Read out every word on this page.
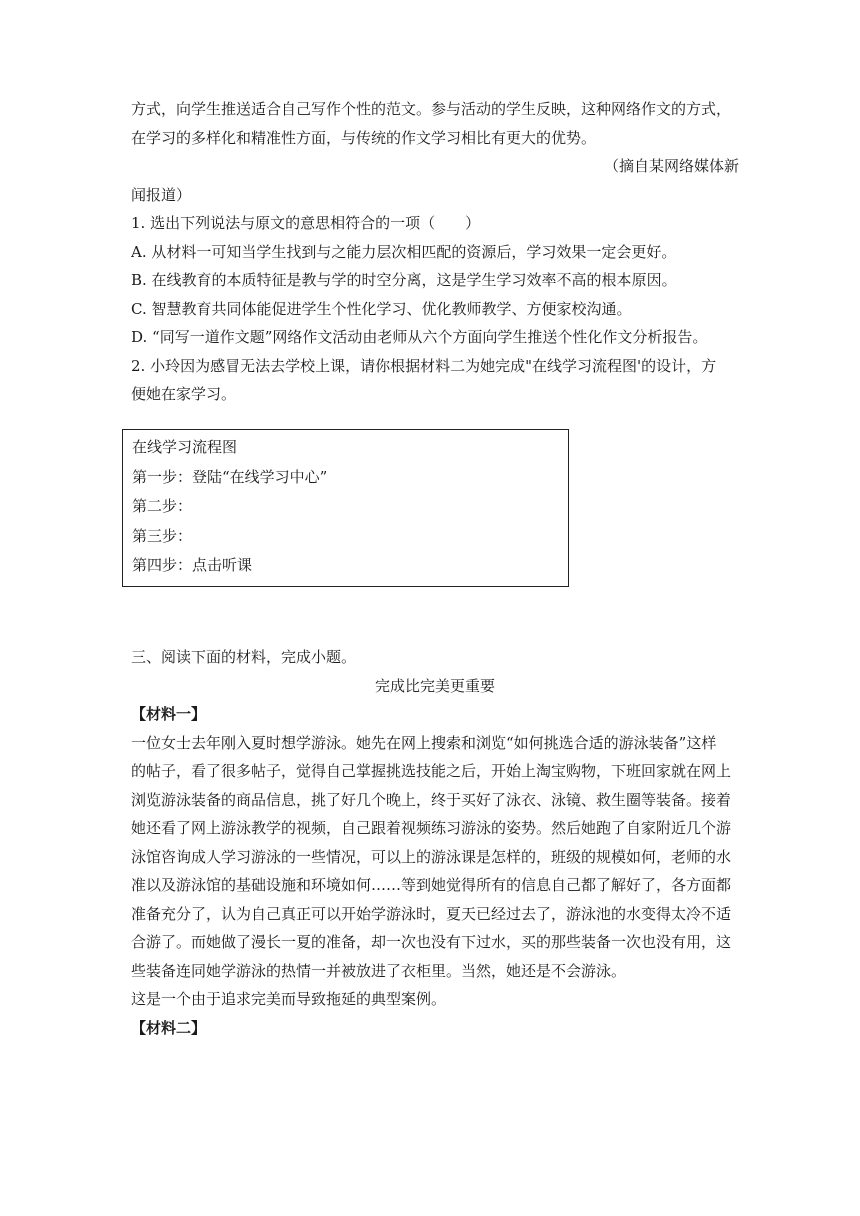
方式，向学生推送适合自己写作个性的范文。参与活动的学生反映，这种网络作文的方式，

在学习的多样化和精准性方面，与传统的作文学习相比有更大的优势。

（摘自某网络媒体新

闻报道）

1. 选出下列说法与原文的意思相符合的一项（　　）

A. 从材料一可知当学生找到与之能力层次相匹配的资源后，学习效果一定会更好。

B. 在线教育的本质特征是教与学的时空分离，这是学生学习效率不高的根本原因。

C. 智慧教育共同体能促进学生个性化学习、优化教师教学、方便家校沟通。

D. “同写一道作文题”网络作文活动由老师从六个方面向学生推送个性化作文分析报告。

2. 小玲因为感冒无法去学校上课，请你根据材料二为她完成"在线学习流程图'的设计，方

便她在家学习。

在线学习流程图

第一步：登陆“在线学习中心”

第二步：

第三步：

第四步：点击听课

三、阅读下面的材料，完成小题。

完成比完美更重要

【材料一】

一位女士去年刚入夏时想学游泳。她先在网上搜索和浏览“如何挑选合适的游泳装备”这样

的帖子，看了很多帖子，觉得自己掌握挑选技能之后，开始上淘宝购物，下班回家就在网上

浏览游泳装备的商品信息，挑了好几个晚上，终于买好了泳衣、泳镜、救生圈等装备。接着

她还看了网上游泳教学的视频，自己跟着视频练习游泳的姿势。然后她跑了自家附近几个游

泳馆咨询成人学习游泳的一些情况，可以上的游泳课是怎样的，班级的规模如何，老师的水

准以及游泳馆的基础设施和环境如何……等到她觉得所有的信息自己都了解好了，各方面都

准备充分了，认为自己真正可以开始学游泳时，夏天已经过去了，游泳池的水变得太冷不适

合游了。而她做了漫长一夏的准备，却一次也没有下过水，买的那些装备一次也没有用，这

些装备连同她学游泳的热情一并被放进了衣柜里。当然，她还是不会游泳。

这是一个由于追求完美而导致拖延的典型案例。

【材料二】
